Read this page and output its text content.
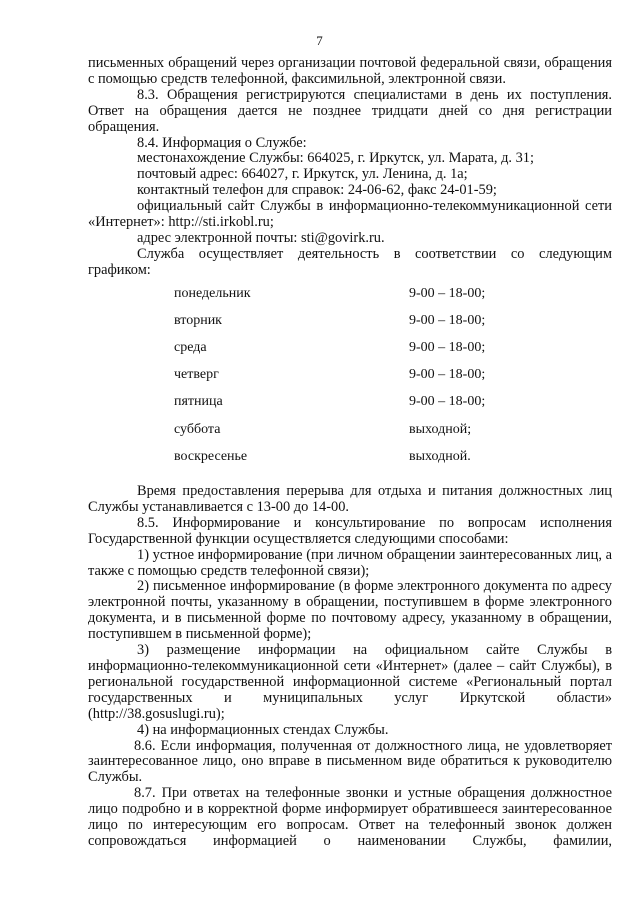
7

письменных обращений через организации почтовой федеральной связи, обращения с помощью средств телефонной, факсимильной, электронной связи.

8.3. Обращения регистрируются специалистами в день их поступления. Ответ на обращения дается не позднее тридцати дней со дня регистрации обращения.

8.4. Информация о Службе:

местонахождение Службы: 664025, г. Иркутск, ул. Марата, д. 31;

почтовый адрес: 664027, г. Иркутск, ул. Ленина, д. 1а;

контактный телефон для справок: 24-06-62, факс 24-01-59;

официальный сайт Службы в информационно-телекоммуникационной сети «Интернет»: http://sti.irkobl.ru;

адрес электронной почты: sti@govirk.ru.

Служба осуществляет деятельность в соответствии со следующим графиком:

понедельник	9-00 – 18-00;
вторник	9-00 – 18-00;
среда	9-00 – 18-00;
четверг	9-00 – 18-00;
пятница	9-00 – 18-00;
суббота	выходной;
воскресенье	выходной.

Время предоставления перерыва для отдыха и питания должностных лиц Службы устанавливается с 13-00 до 14-00.

8.5. Информирование и консультирование по вопросам исполнения Государственной функции осуществляется следующими способами:

1) устное информирование (при личном обращении заинтересованных лиц, а также с помощью средств телефонной связи);

2) письменное информирование (в форме электронного документа по адресу электронной почты, указанному в обращении, поступившем в форме электронного документа, и в письменной форме по почтовому адресу, указанному в обращении, поступившем в письменной форме);

3) размещение информации на официальном сайте Службы в информационно-телекоммуникационной сети «Интернет» (далее – сайт Службы), в региональной государственной информационной системе «Региональный портал государственных и муниципальных услуг Иркутской области» (http://38.gosuslugi.ru);

4) на информационных стендах Службы.

8.6. Если информация, полученная от должностного лица, не удовлетворяет заинтересованное лицо, оно вправе в письменном виде обратиться к руководителю Службы.

8.7. При ответах на телефонные звонки и устные обращения должностное лицо подробно и в корректной форме информирует обратившееся заинтересованное лицо по интересующим его вопросам. Ответ на телефонный звонок должен сопровождаться информацией о наименовании Службы, фамилии,
